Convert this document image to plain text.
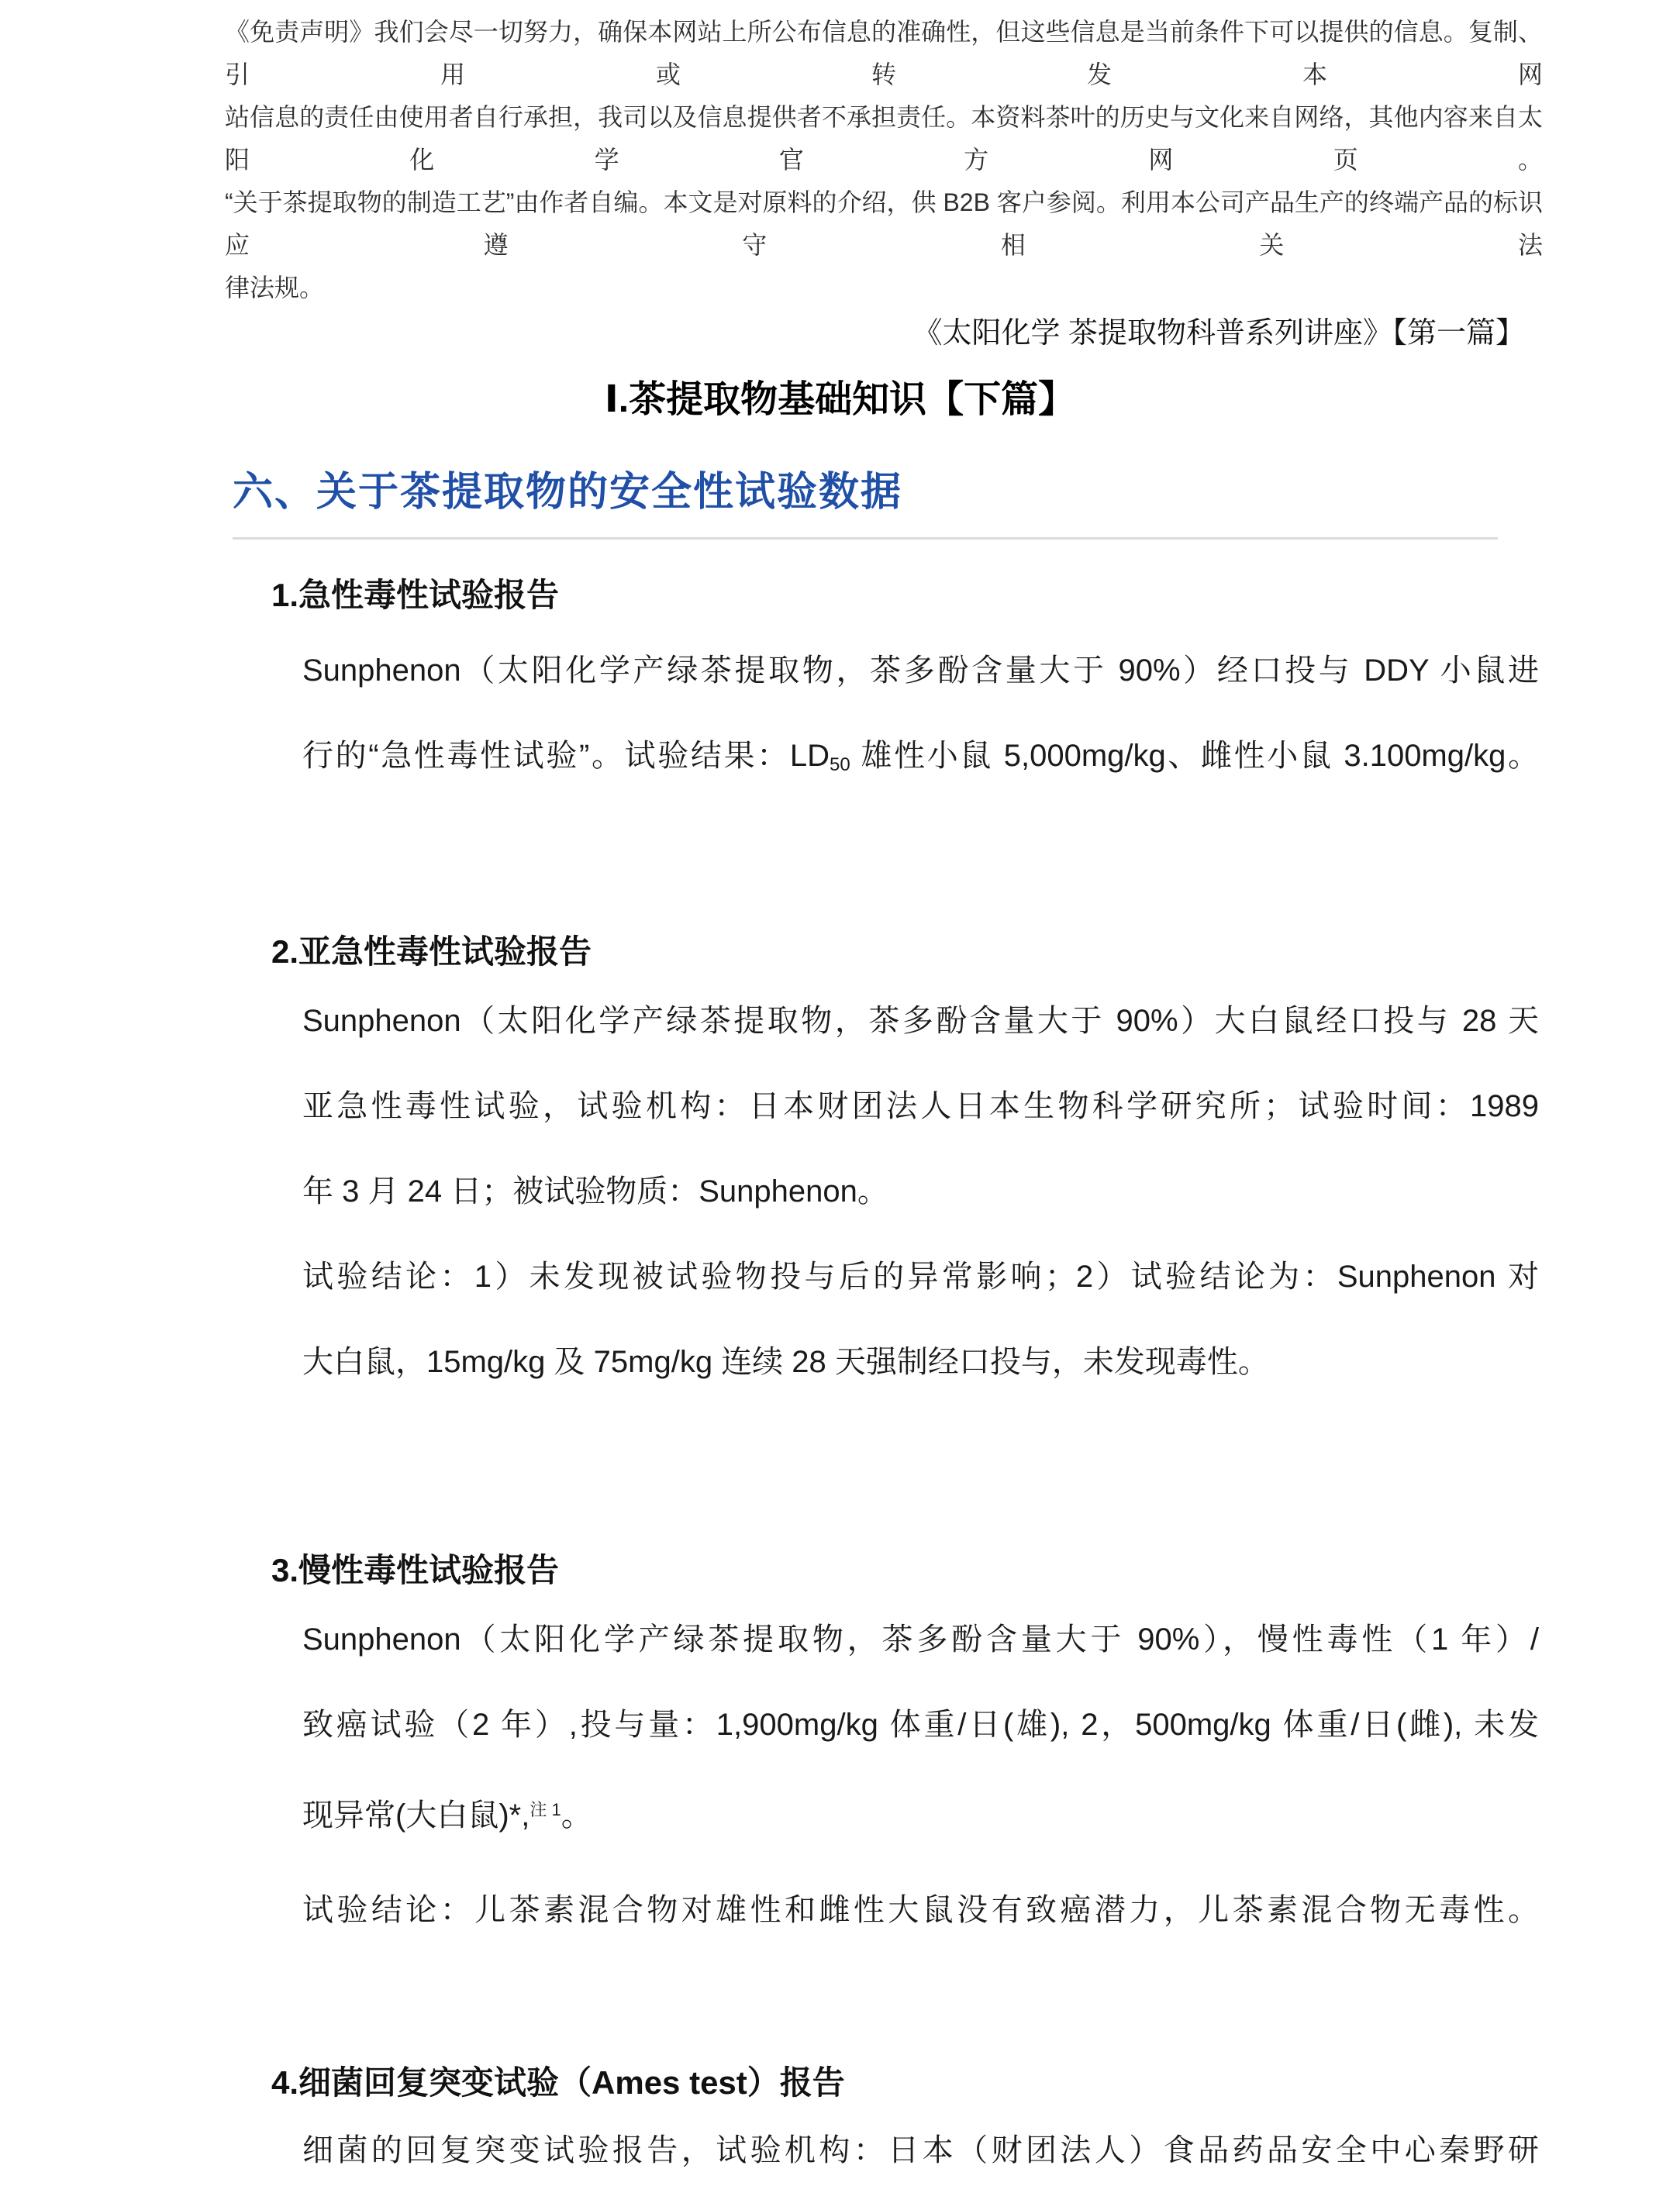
《免责声明》我们会尽一切努力，确保本网站上所公布信息的准确性，但这些信息是当前条件下可以提供的信息。复制、引用或转发本网
站信息的责任由使用者自行承担，我司以及信息提供者不承担责任。本资料茶叶的历史与文化来自网络，其他内容来自太阳化学官方网页。
“关于茶提取物的制造工艺”由作者自编。本文是对原料的介绍，供 B2B 客户参阅。利用本公司产品生产的终端产品的标识应遵守相关法
律法规。
《太阳化学 茶提取物科普系列讲座》【第一篇】
Ⅰ.茶提取物基础知识【下篇】
六、关于茶提取物的安全性试验数据
1.急性毒性试验报告
Sunphenon（太阳化学产绿茶提取物，茶多酚含量大于 90%）经口投与 DDY 小鼠进
行的“急性毒性试验”。试验结果：$LD_{50}$ 雄性小鼠 5,000mg/kg、雌性小鼠 3.100mg/kg。
2.亚急性毒性试验报告
Sunphenon（太阳化学产绿茶提取物，茶多酚含量大于 90%）大白鼠经口投与 28 天
亚急性毒性试验，试验机构：日本财团法人日本生物科学研究所；试验时间：1989
年 3 月 24 日；被试验物质：Sunphenon。
试验结论：1）未发现被试验物投与后的异常影响；2）试验结论为：Sunphenon 对
大白鼠，15mg/kg 及 75mg/kg 连续 28 天强制经口投与，未发现毒性。
3.慢性毒性试验报告
Sunphenon（太阳化学产绿茶提取物，茶多酚含量大于 90%），慢性毒性（1 年）/
致癌试验（2 年）,投与量：1,900mg/kg 体重/日(雄), 2，500mg/kg 体重/日(雌), 未发
现异常(大白鼠)*,$^{注 1}$。
试验结论：儿茶素混合物对雄性和雌性大鼠没有致癌潜力，儿茶素混合物无毒性。
4.细菌回复突变试验（Ames test）报告
细菌的回复突变试验报告，试验机构：日本（财团法人）食品药品安全中心秦野研
